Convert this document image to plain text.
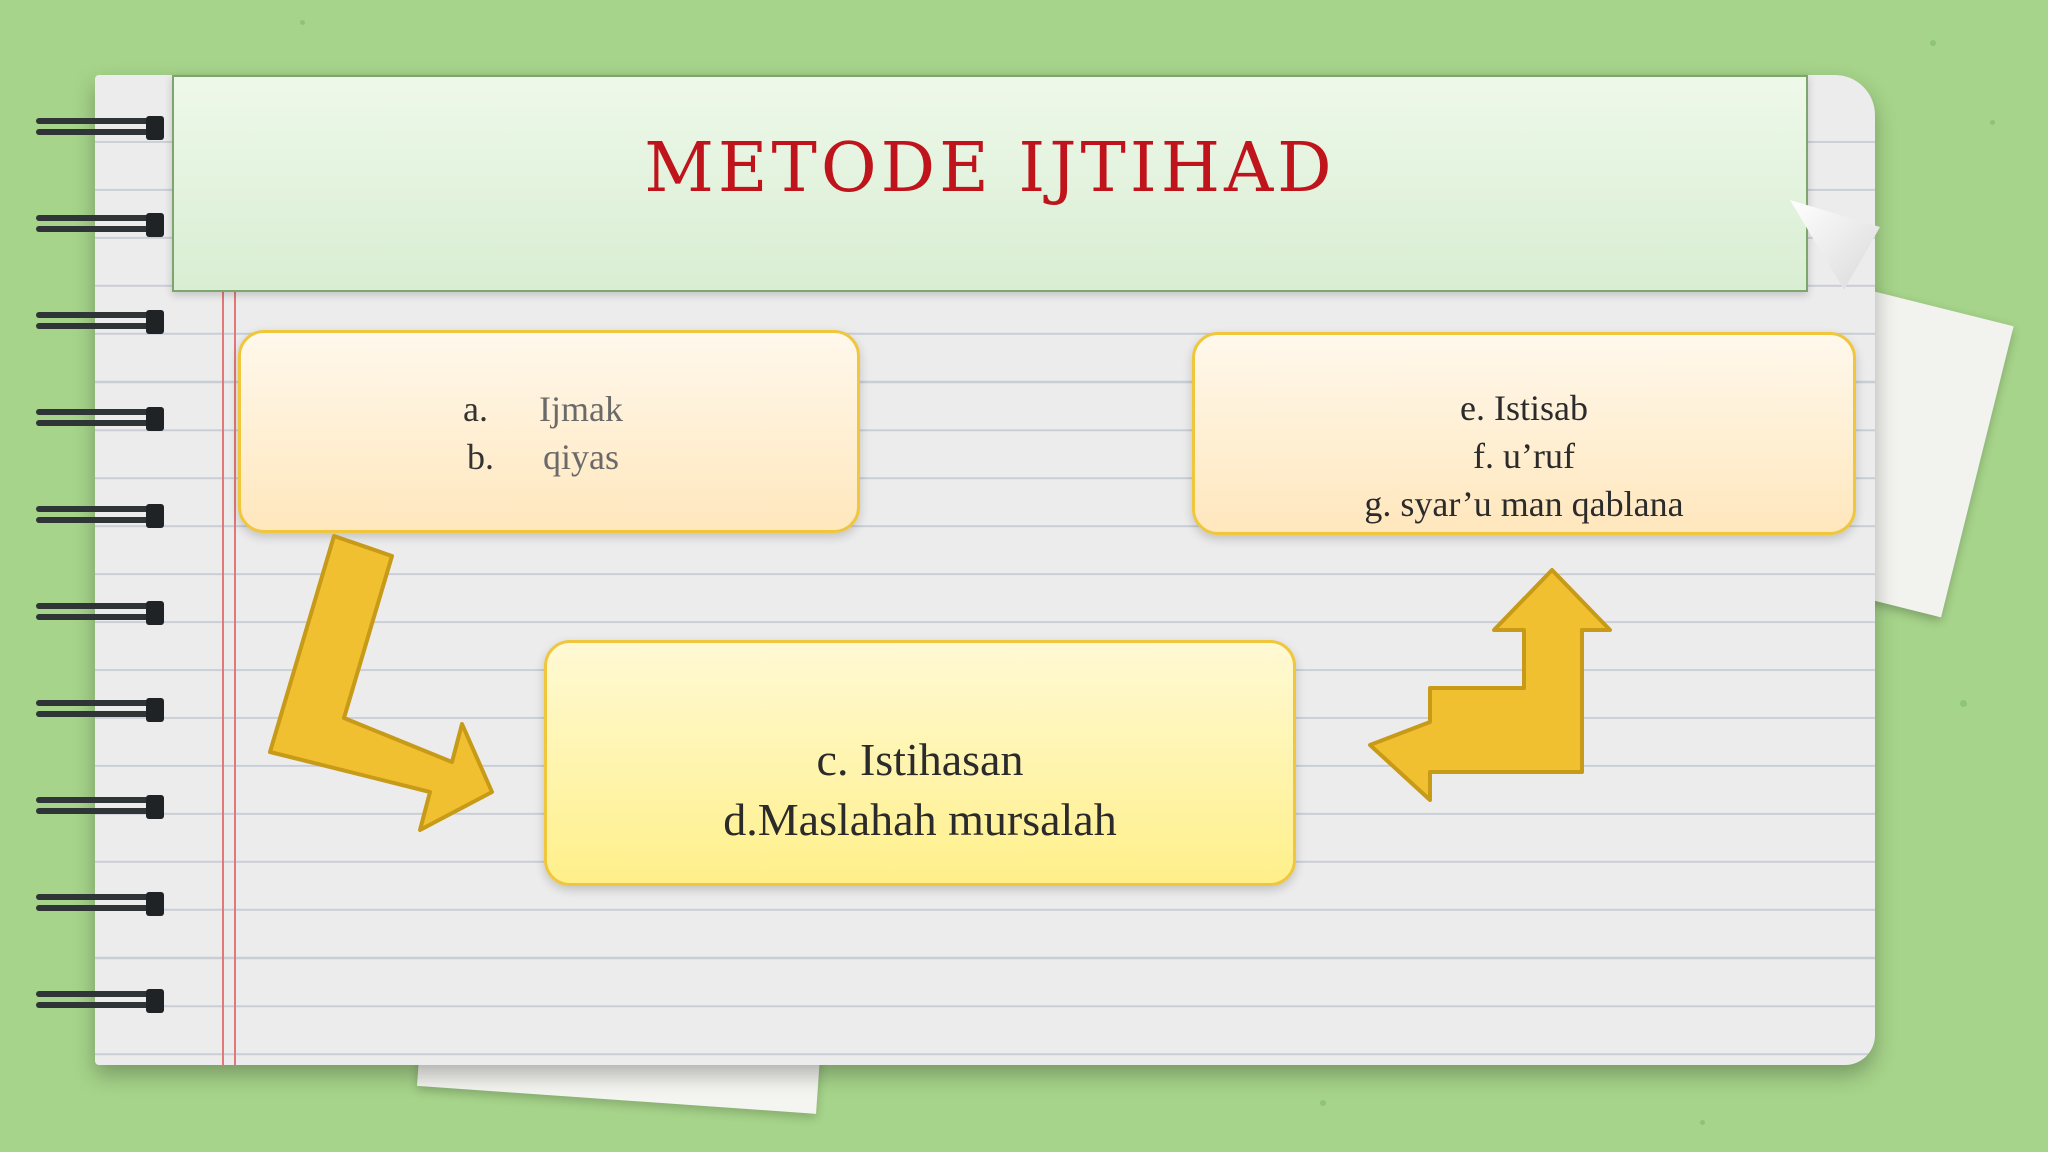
METODE IJTIHAD
a. Ijmak
b. qiyas
e. Istisab
f. u’ruf
g. syar’u man qablana
c. Istihasan
d.Maslahah mursalah
